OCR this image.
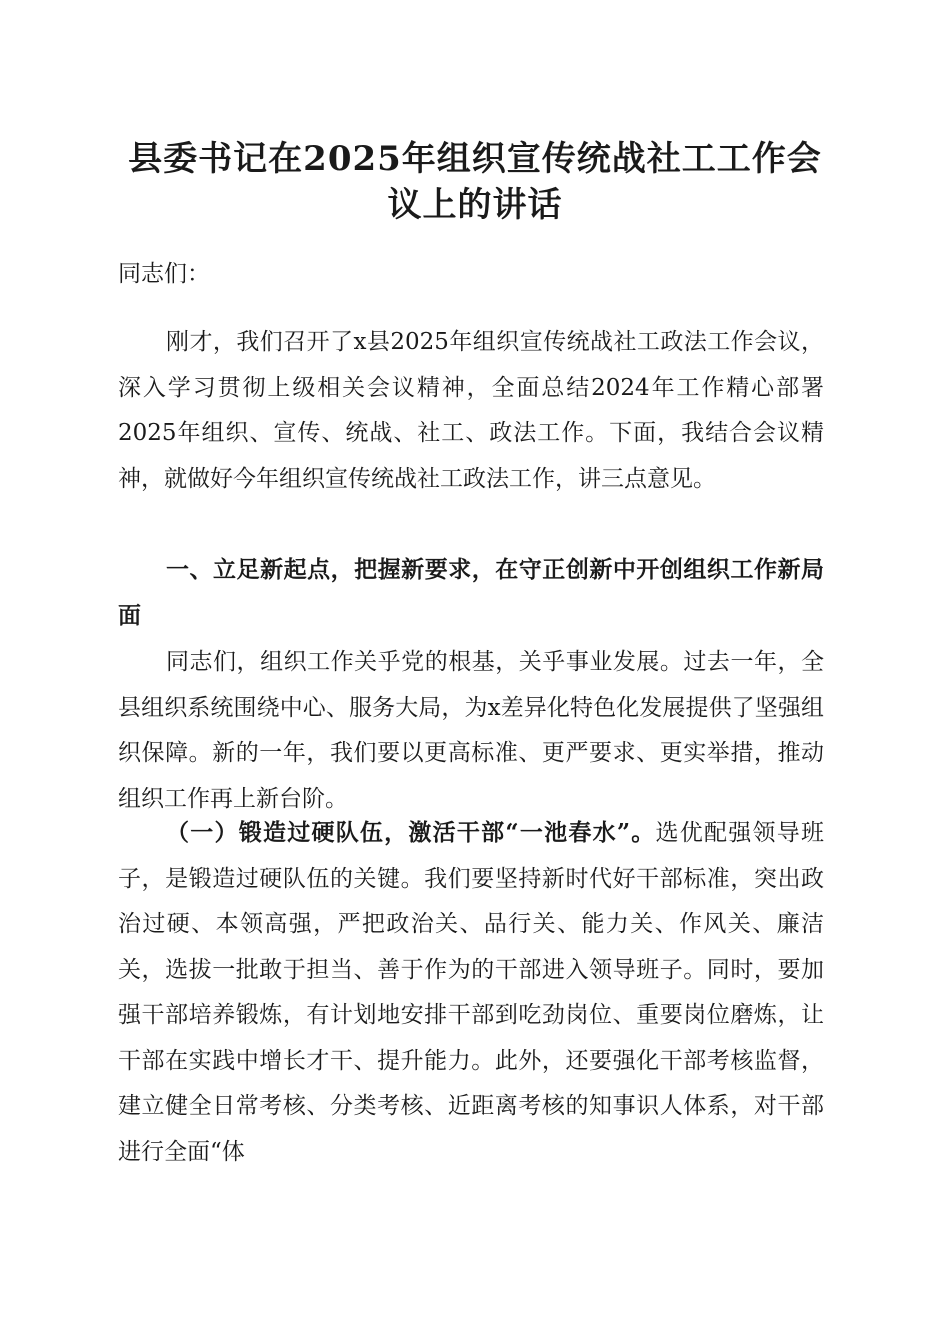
县委书记在2025年组织宣传统战社工工作会议上的讲话

同志们：

刚才，我们召开了x县2025年组织宣传统战社工政法工作会议，深入学习贯彻上级相关会议精神，全面总结2024年工作精心部署2025年组织、宣传、统战、社工、政法工作。下面，我结合会议精神，就做好今年组织宣传统战社工政法工作，讲三点意见。

一、立足新起点，把握新要求，在守正创新中开创组织工作新局面

同志们，组织工作关乎党的根基，关乎事业发展。过去一年，全县组织系统围绕中心、服务大局，为x差异化特色化发展提供了坚强组织保障。新的一年，我们要以更高标准、更严要求、更实举措，推动组织工作再上新台阶。

（一）锻造过硬队伍，激活干部“一池春水”。选优配强领导班子，是锻造过硬队伍的关键。我们要坚持新时代好干部标准，突出政治过硬、本领高强，严把政治关、品行关、能力关、作风关、廉洁关，选拔一批敢于担当、善于作为的干部进入领导班子。同时，要加强干部培养锻炼，有计划地安排干部到吃劲岗位、重要岗位磨炼，让干部在实践中增长才干、提升能力。此外，还要强化干部考核监督，建立健全日常考核、分类考核、近距离考核的知事识人体系，对干部进行全面“体
